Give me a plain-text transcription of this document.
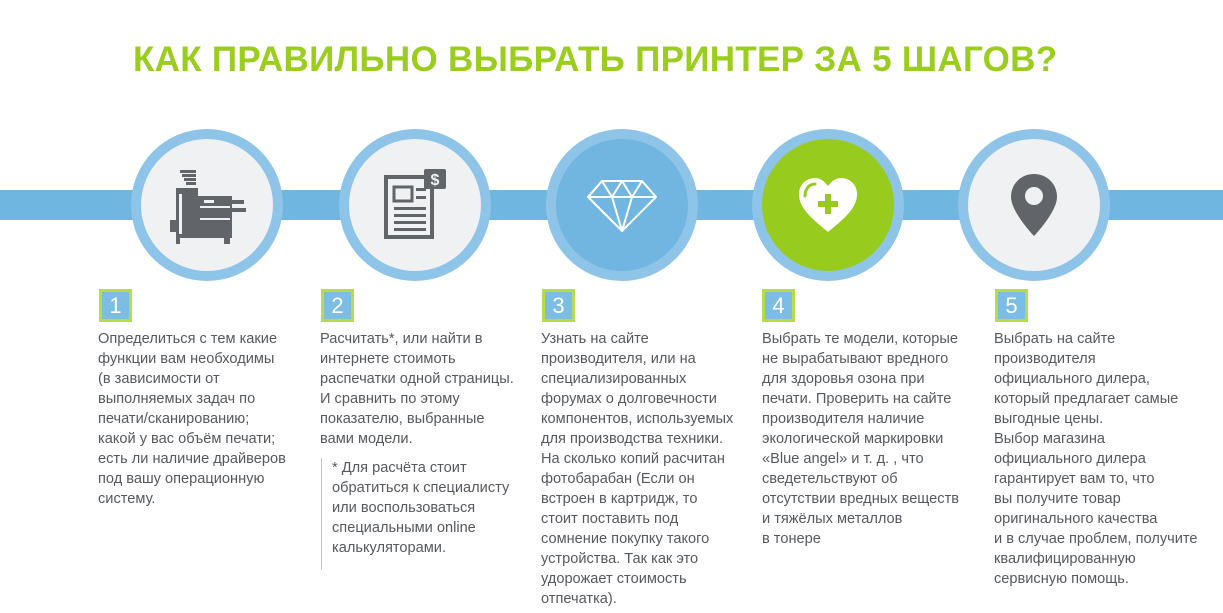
КАК ПРАВИЛЬНО ВЫБРАТЬ ПРИНТЕР ЗА 5 ШАГОВ?
$
1	2	3	4	5
Определиться с тем какие
функции вам необходимы
(в зависимости от
выполняемых задач по
печати/сканированию;
какой у вас объём печати;
есть ли наличие драйверов
под вашу операционную
систему.
Расчитать*, или найти в
интернете стоимоть
распечатки одной страницы.
И сравнить по этому
показателю, выбранные
вами модели.
* Для расчёта стоит
обратиться к специалисту
или воспользоваться
специальными online
калькуляторами.
Узнать на сайте
производителя, или на
специализированных
форумах о долговечности
компонентов, используемых
для производства техники.
На сколько копий расчитан
фотобарабан (Если он
встроен в картридж, то
стоит поставить под
сомнение покупку такого
устройства. Так как это
удорожает стоимость
отпечатка).
Выбрать те модели, которые
не вырабатывают вредного
для здоровья озона при
печати. Проверить на сайте
производителя наличие
экологической маркировки
«Blue angel» и т. д. , что
сведетельствуют об
отсутствии вредных веществ
и тяжёлых металлов
в тонере
Выбрать на сайте
производителя
официального дилера,
который предлагает самые
выгодные цены.
Выбор магазина
официального дилера
гарантирует вам то, что
вы получите товар
оригинального качества
и в случае проблем, получите
квалифицированную
сервисную помощь.
